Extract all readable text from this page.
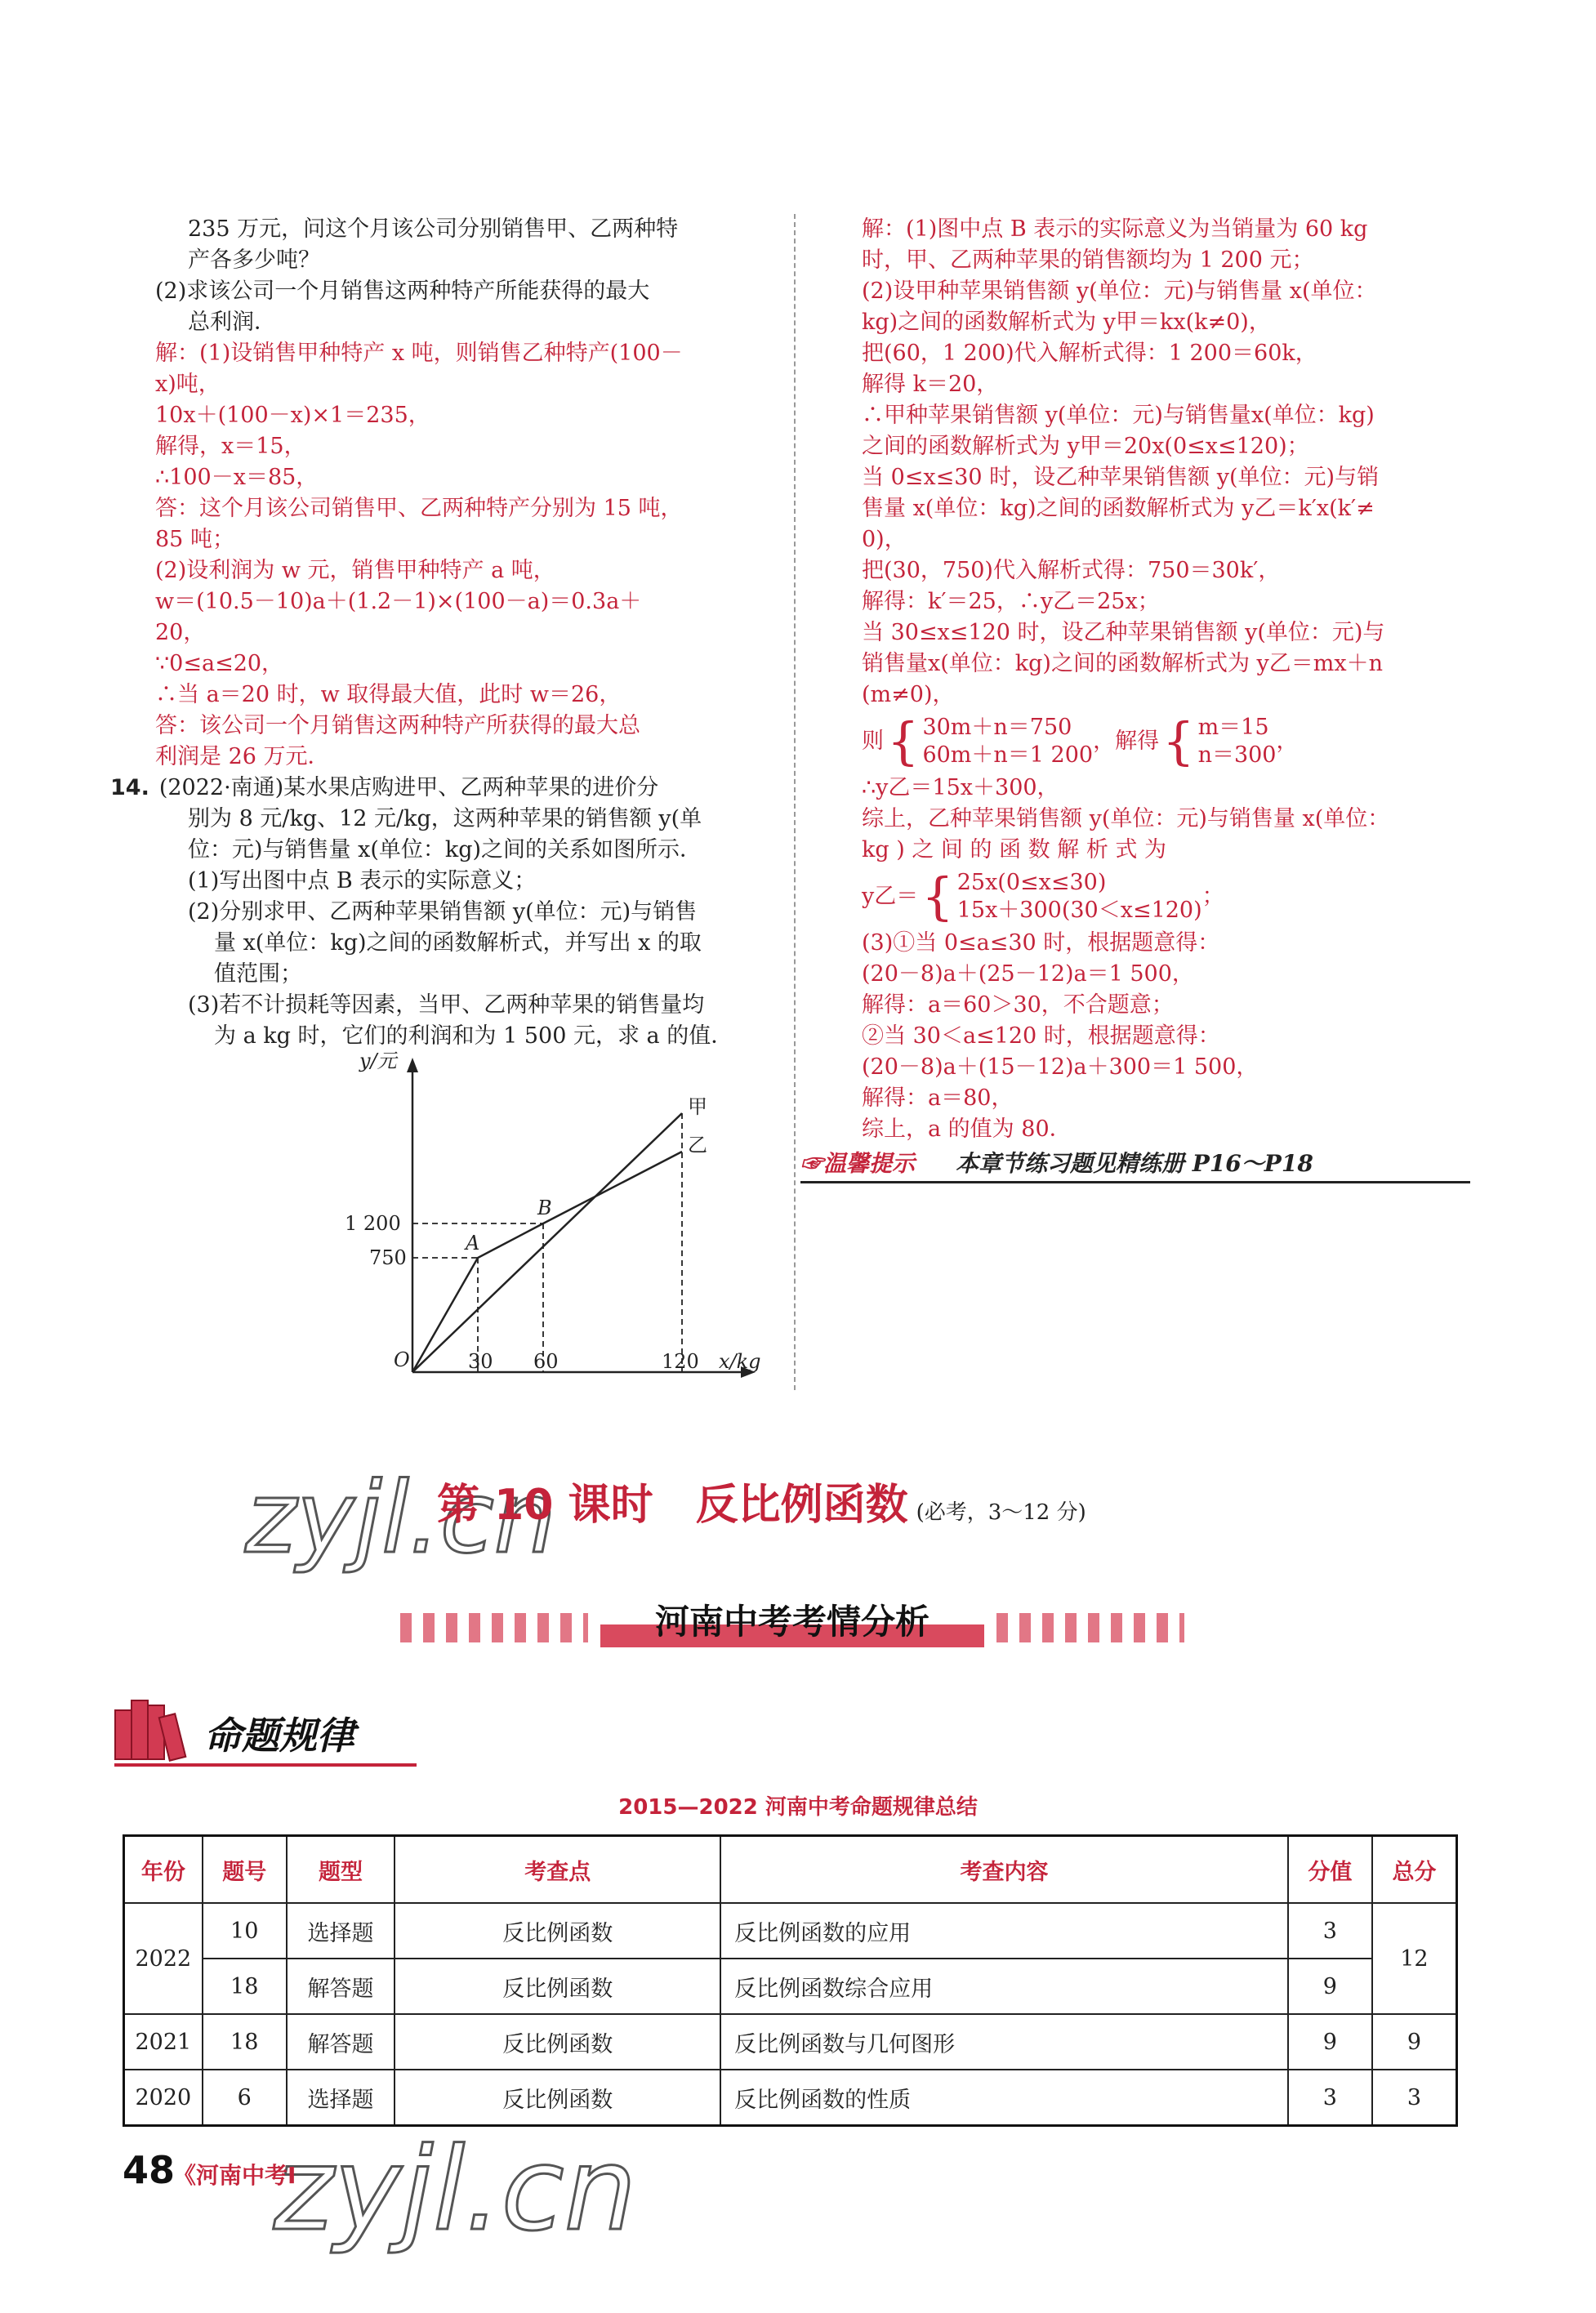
235 万元，问这个月该公司分别销售甲、乙两种特
产各多少吨？
(2)求该公司一个月销售这两种特产所能获得的最大
总利润．
解：(1)设销售甲种特产 x 吨，则销售乙种特产(100－
x)吨，
10x＋(100－x)×1＝235，
解得，x＝15，
∴100－x＝85，
答：这个月该公司销售甲、乙两种特产分别为 15 吨，
85 吨；
(2)设利润为 w 元，销售甲种特产 a 吨，
w＝(10.5－10)a＋(1.2－1)×(100－a)＝0.3a＋
20，
∵0≤a≤20，
∴当 a＝20 时，w 取得最大值，此时 w＝26，
答：该公司一个月销售这两种特产所获得的最大总
利润是 26 万元．
14. (2022·南通)某水果店购进甲、乙两种苹果的进价分
别为 8 元/kg、12 元/kg，这两种苹果的销售额 y(单
位：元)与销售量 x(单位：kg)之间的关系如图所示．
(1)写出图中点 B 表示的实际意义；
(2)分别求甲、乙两种苹果销售额 y(单位：元)与销售
量 x(单位：kg)之间的函数解析式，并写出 x 的取
值范围；
(3)若不计损耗等因素，当甲、乙两种苹果的销售量均
为 a kg 时，它们的利润和为 1 500 元，求 a 的值．
y/元
x/kg
O	30 60	120
1 200
750
A
B
甲
乙
解：(1)图中点 B 表示的实际意义为当销量为 60 kg
时，甲、乙两种苹果的销售额均为 1 200 元；
(2)设甲种苹果销售额 y(单位：元)与销售量 x(单位：
kg)之间的函数解析式为 y甲＝kx(k≠0)，
把(60，1 200)代入解析式得：1 200＝60k，
解得 k＝20，
∴甲种苹果销售额 y(单位：元)与销售量x(单位：kg)
之间的函数解析式为 y甲＝20x(0≤x≤120)；
当 0≤x≤30 时，设乙种苹果销售额 y(单位：元)与销
售量 x(单位：kg)之间的函数解析式为 y乙＝k′x(k′≠
0)，
把(30，750)代入解析式得：750＝30k′，
解得：k′＝25，∴y乙＝25x；
当 30≤x≤120 时，设乙种苹果销售额 y(单位：元)与
销售量x(单位：kg)之间的函数解析式为 y乙＝mx＋n
(m≠0)，
则 { 30m＋n＝750
60m＋n＝1 200
，解得 { m＝15
n＝300
，
∴y乙＝15x＋300，
综上，乙种苹果销售额 y(单位：元)与销售量 x(单位：
kg ) 之 间 的 函 数 解 析 式 为
y乙＝ { 25x(0≤x≤30)
15x＋300(30＜x≤120)
；
(3)①当 0≤a≤30 时，根据题意得：
(20－8)a＋(25－12)a＝1 500，
解得：a＝60＞30，不合题意；
②当 30＜a≤120 时，根据题意得：
(20－8)a＋(15－12)a＋300＝1 500，
解得：a＝80，
综上，a 的值为 80．
☞温馨提示 本章节练习题见精练册 P16～P18
zyjl.cn
zyjl.cn
第 10 课时　反比例函数 (必考，3～12 分)
河南中考考情分析
命题规律
2015—2022 河南中考命题规律总结
年份	题号	题型	考查点	考查内容	分值	总分
2022	10	选择题	反比例函数	反比例函数的应用	3	12
	18	解答题	反比例函数	反比例函数综合应用	9	
2021	18	解答题	反比例函数	反比例函数与几何图形	9	9
2020	6	选择题	反比例函数	反比例函数的性质	3	3
48
《河南中考Ⅰ
